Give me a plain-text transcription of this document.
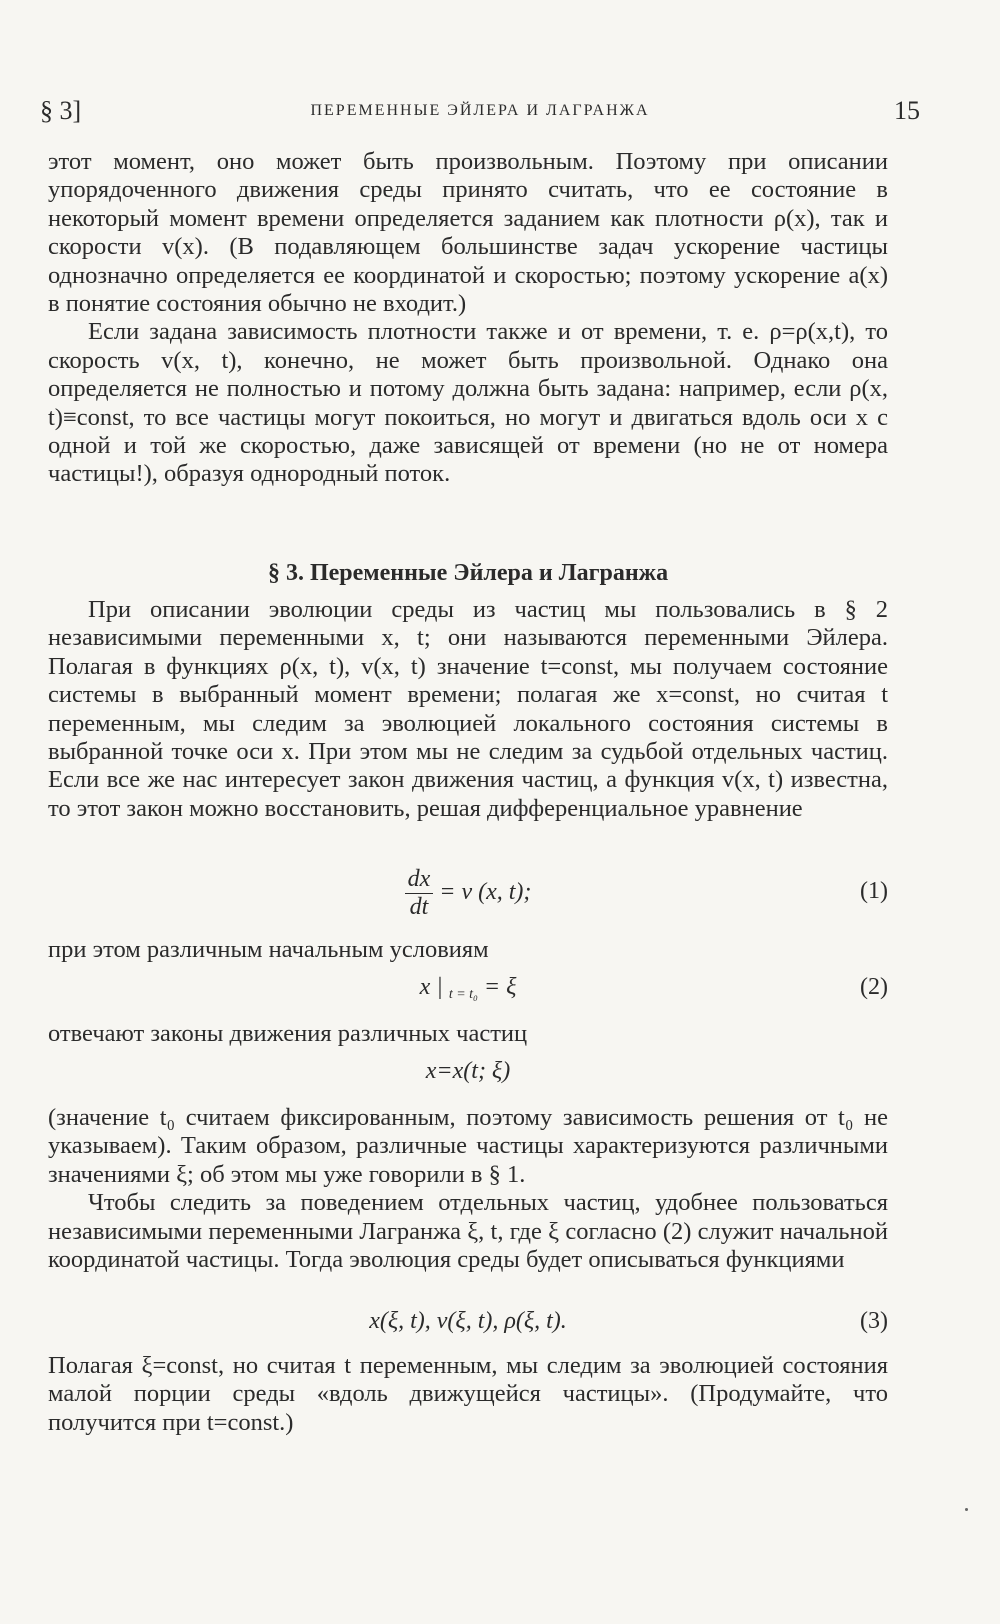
§ 3]	ПЕРЕМЕННЫЕ ЭЙЛЕРА И ЛАГРАНЖА	15

этот момент, оно может быть произвольным. Поэтому при описании упорядоченного движения среды принято считать, что ее состояние в некоторый момент времени определяется заданием как плотности ρ(x), так и скорости v(x). (В подавляющем большинстве задач ускорение частицы однозначно определяется ее координатой и скоростью; поэтому ускорение a(x) в понятие состояния обычно не входит.)

Если задана зависимость плотности также и от времени, т. е. ρ=ρ(x,t), то скорость v(x, t), конечно, не может быть произвольной. Однако она определяется не полностью и потому должна быть задана: например, если ρ(x, t)≡const, то все частицы могут покоиться, но могут и двигаться вдоль оси x с одной и той же скоростью, даже зависящей от времени (но не от номера частицы!), образуя однородный поток.

§ 3. Переменные Эйлера и Лагранжа

При описании эволюции среды из частиц мы пользовались в § 2 независимыми переменными x, t; они называются переменными Эйлера. Полагая в функциях ρ(x, t), v(x, t) значение t=const, мы получаем состояние системы в выбранный момент времени; полагая же x=const, но считая t переменным, мы следим за эволюцией локального состояния системы в выбранной точке оси x. При этом мы не следим за судьбой отдельных частиц. Если все же нас интересует закон движения частиц, а функция v(x, t) известна, то этот закон можно восстановить, решая дифференциальное уравнение

$\frac{dx}{dt} = v$ (x, t);	(1)

при этом различным начальным условиям

x | $_{t = t_0}$ = ξ	(2)

отвечают законы движения различных частиц

x=x(t; ξ)

(значение t₀ считаем фиксированным, поэтому зависимость решения от t₀ не указываем). Таким образом, различные частицы характеризуются различными значениями ξ; об этом мы уже говорили в § 1.

Чтобы следить за поведением отдельных частиц, удобнее пользоваться независимыми переменными Лагранжа ξ, t, где ξ согласно (2) служит начальной координатой частицы. Тогда эволюция среды будет описываться функциями

x(ξ, t), v(ξ, t), ρ(ξ, t).	(3)

Полагая ξ=const, но считая t переменным, мы следим за эволюцией состояния малой порции среды «вдоль движущейся частицы». (Продумайте, что получится при t=const.)
